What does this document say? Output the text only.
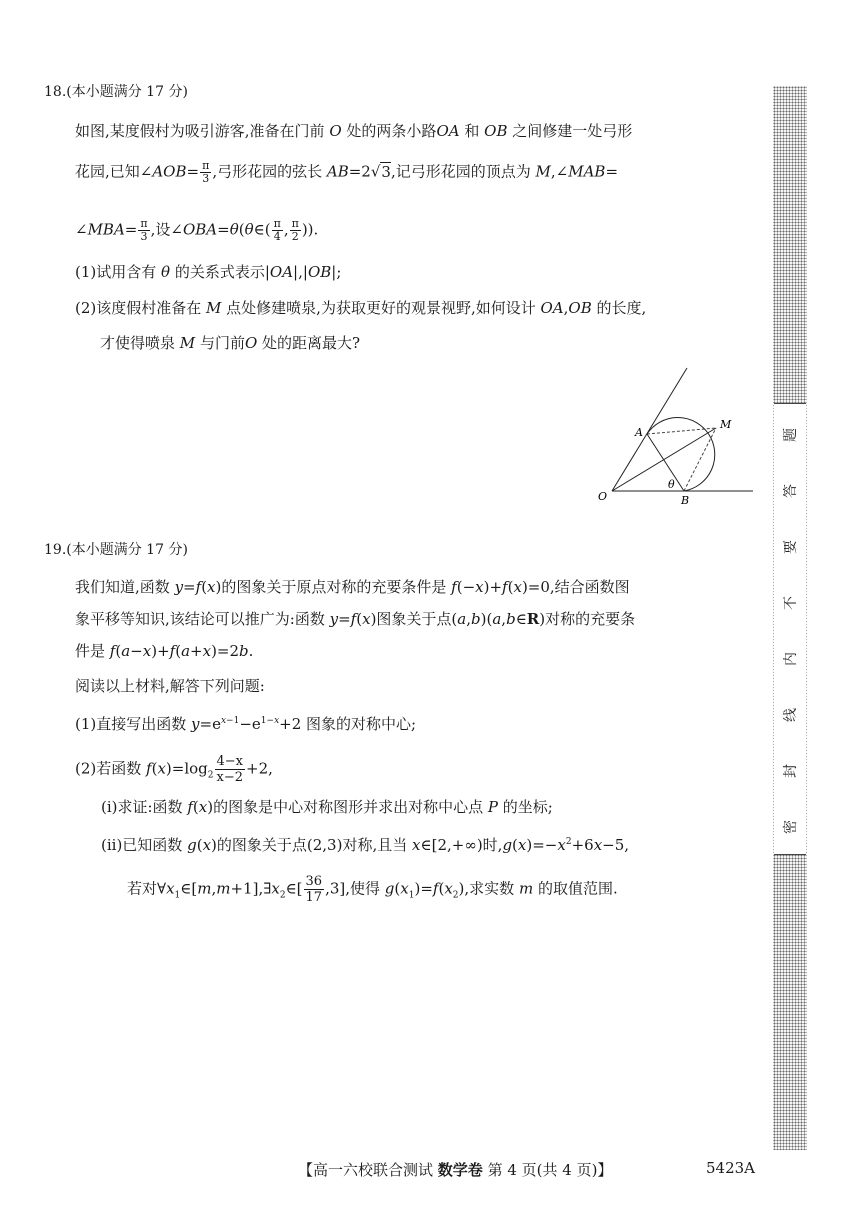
18.(本小题满分 17 分)
如图,某度假村为吸引游客,准备在门前 O 处的两条小路OA 和 OB 之间修建一处弓形
花园,已知∠AOB= $\frac{\pi}{3}$ ,弓形花园的弦长 AB=2√3,记弓形花园的顶点为 M,∠MAB=
∠MBA= $\frac{\pi}{3}$ ,设∠OBA=θ(θ∈( $\frac{\pi}{4}$ , $\frac{\pi}{2}$ )).
(1)试用含有 θ 的关系式表示|OA|,|OB|;
(2)该度假村准备在 M 点处修建喷泉,为获取更好的观景视野,如何设计 OA,OB 的长度,
才使得喷泉 M 与门前O 处的距离最大?
O
A
B
M
θ
19.(本小题满分 17 分)
我们知道,函数 y=f(x)的图象关于原点对称的充要条件是 f(−x)+f(x)=0,结合函数图
象平移等知识,该结论可以推广为:函数 y=f(x)图象关于点(a,b)(a,b∈R)对称的充要条
件是 f(a−x)+f(a+x)=2b.
阅读以上材料,解答下列问题:
(1)直接写出函数 $y=e^{x-1}-e^{1-x}+2$ 图象的对称中心;
(2)若函数 $f(x)=\log_2 \frac{4-x}{x-2} +2$,
(i)求证:函数 f(x)的图象是中心对称图形并求出对称中心点 P 的坐标;
(ii)已知函数 g(x)的图象关于点(2,3)对称,且当 x∈[2,+∞)时$,g(x)=-x^2+6x-5$,
若对$\forall x_1\in[m,m+1],\exists x_2\in[ \frac{36}{17} ,3]$,使得 $g(x_1)=f(x_2)$,求实数 m 的取值范围.
密
封
线
内
不
要
答
题
【高一六校联合测试 数学卷 第 4 页(共 4 页)】	5423A
